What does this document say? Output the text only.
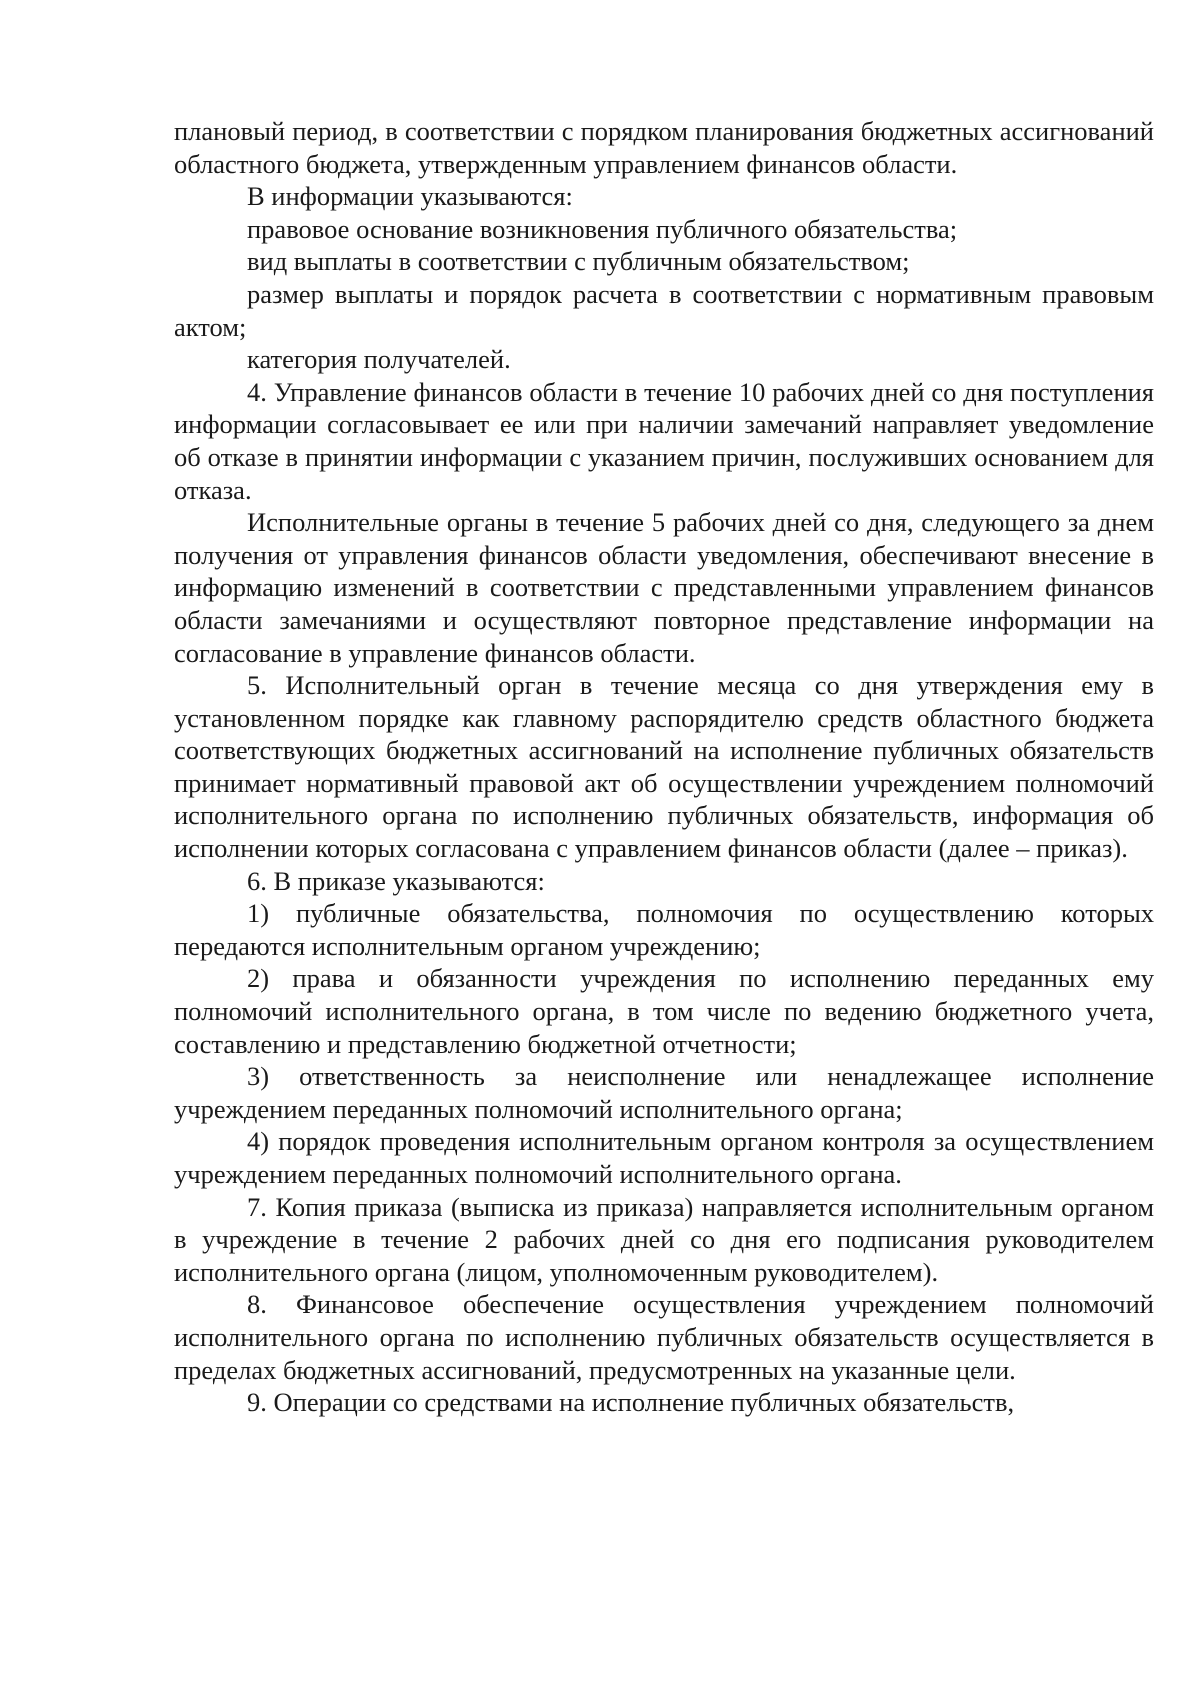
плановый период, в соответствии с порядком планирования бюджетных ассигнований областного бюджета, утвержденным управлением финансов области.

В информации указываются:

правовое основание возникновения публичного обязательства;

вид выплаты в соответствии с публичным обязательством;

размер выплаты и порядок расчета в соответствии с нормативным правовым актом;

категория получателей.

4. Управление финансов области в течение 10 рабочих дней со дня поступления информации согласовывает ее или при наличии замечаний направляет уведомление об отказе в принятии информации с указанием причин, послуживших основанием для отказа.

Исполнительные органы в течение 5 рабочих дней со дня, следующего за днем получения от управления финансов области уведомления, обеспечивают внесение в информацию изменений в соответствии с представленными управлением финансов области замечаниями и осуществляют повторное представление информации на согласование в управление финансов области.

5. Исполнительный орган в течение месяца со дня утверждения ему в установленном порядке как главному распорядителю средств областного бюджета соответствующих бюджетных ассигнований на исполнение публичных обязательств принимает нормативный правовой акт об осуществлении учреждением полномочий исполнительного органа по исполнению публичных обязательств, информация об исполнении которых согласована с управлением финансов области (далее – приказ).

6. В приказе указываются:

1) публичные обязательства, полномочия по осуществлению которых передаются исполнительным органом учреждению;

2) права и обязанности учреждения по исполнению переданных ему полномочий исполнительного органа, в том числе по ведению бюджетного учета, составлению и представлению бюджетной отчетности;

3) ответственность за неисполнение или ненадлежащее исполнение учреждением переданных полномочий исполнительного органа;

4) порядок проведения исполнительным органом контроля за осуществлением учреждением переданных полномочий исполнительного органа.

7. Копия приказа (выписка из приказа) направляется исполнительным органом в учреждение в течение 2 рабочих дней со дня его подписания руководителем исполнительного органа (лицом, уполномоченным руководителем).

8. Финансовое обеспечение осуществления учреждением полномочий исполнительного органа по исполнению публичных обязательств осуществляется в пределах бюджетных ассигнований, предусмотренных на указанные цели.

9. Операции со средствами на исполнение публичных обязательств,
